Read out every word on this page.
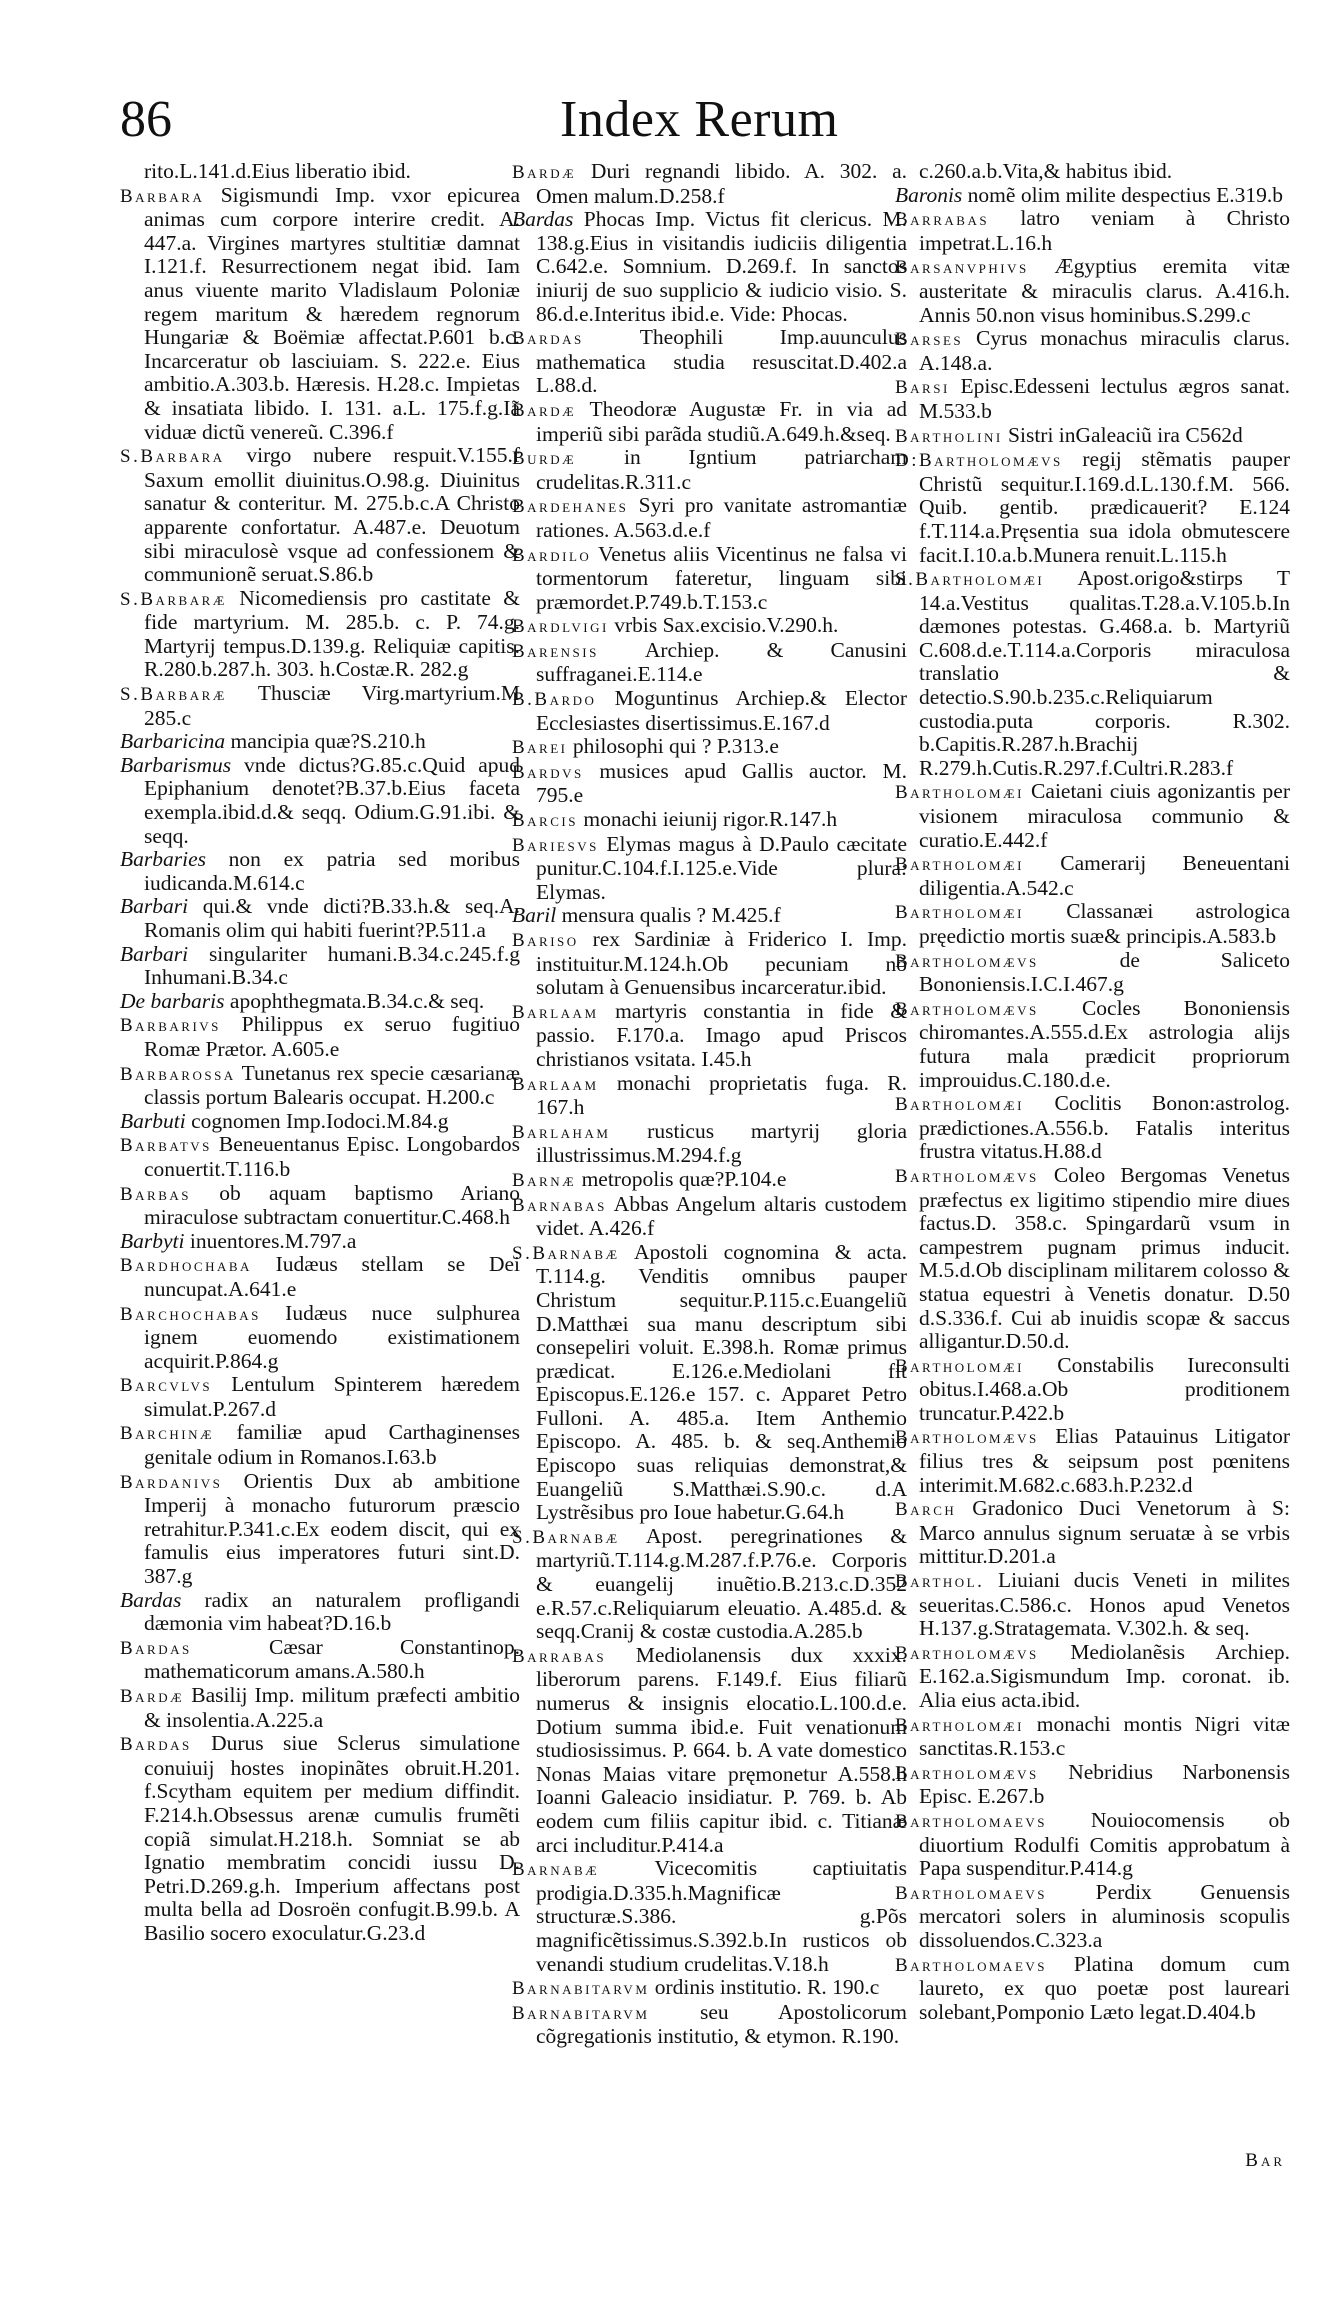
86	Index Rerum

rito.L.141.d.Eius liberatio ibid.

Barbara Sigismundi Imp. vxor epicurea animas cum corpore interire credit. A. 447.a. Virgines martyres stultitiæ damnat I.121.f. Resurrectionem negat ibid. Iam anus viuente marito Vladislaum Poloniæ regem maritum & hæredem regnorum Hungariæ & Boëmiæ affectat.P.601 b.c. Incarceratur ob lasciuiam. S. 222.e. Eius ambitio.A.303.b. Hæresis. H.28.c. Impietas & insatiata libido. I. 131. a.L. 175.f.g.Iã viduæ dictũ venereũ. C.396.f

S.Barbara virgo nubere respuit.V.155.f Saxum emollit diuinitus.O.98.g. Diuinitus sanatur & conteritur. M. 275.b.c.A Christo apparente confortatur. A.487.e. Deuotum sibi miraculosè vsque ad confessionem & communionẽ seruat.S.86.b

S.Barbaræ Nicomediensis pro castitate & fide martyrium. M. 285.b. c. P. 74.g. Martyrij tempus.D.139.g. Reliquiæ capitis. R.280.b.287.h. 303. h.Costæ.R. 282.g

S.Barbaræ Thusciæ Virg.martyrium.M 285.c

Barbaricina mancipia quæ?S.210.h

Barbarismus vnde dictus?G.85.c.Quid apud Epiphanium denotet?B.37.b.Eius faceta exempla.ibid.d.& seqq. Odium.G.91.ibi. & seqq.

Barbaries non ex patria sed moribus iudicanda.M.614.c

Barbari qui.& vnde dicti?B.33.h.& seq.A. Romanis olim qui habiti fuerint?P.511.a

Barbari singulariter humani.B.34.c.245.f.g Inhumani.B.34.c

De barbaris apophthegmata.B.34.c.& seq.

Barbarivs Philippus ex seruo fugitiuo Romæ Prætor. A.605.e

Barbarossa Tunetanus rex specie cæsarianæ classis portum Balearis occupat. H.200.c

Barbuti cognomen Imp.Iodoci.M.84.g

Barbatvs Beneuentanus Episc. Longobardos conuertit.T.116.b

Barbas ob aquam baptismo Ariano miraculose subtractam conuertitur.C.468.h

Barbyti inuentores.M.797.a

Bardhochaba Iudæus stellam se Dei nuncupat.A.641.e

Barchochabas Iudæus nuce sulphurea ignem euomendo existimationem acquirit.P.864.g

Barcvlvs Lentulum Spinterem hæredem simulat.P.267.d

Barchinæ familiæ apud Carthaginenses genitale odium in Romanos.I.63.b

Bardanivs Orientis Dux ab ambitione Imperij à monacho futurorum præscio retrahitur.P.341.c.Ex eodem discit, qui ex famulis eius imperatores futuri sint.D. 387.g

Bardas radix an naturalem profligandi dæmonia vim habeat?D.16.b

Bardas Cæsar Constantinop. mathematicorum amans.A.580.h

Bardæ Basilij Imp. militum præfecti ambitio & insolentia.A.225.a

Bardas Durus siue Sclerus simulatione conuiuij hostes inopinãtes obruit.H.201. f.Scytham equitem per medium diffindit. F.214.h.Obsessus arenæ cumulis frumẽti copiã simulat.H.218.h. Somniat se ab Ignatio membratim concidi iussu D. Petri.D.269.g.h. Imperium affectans post multa bella ad Dosroën confugit.B.99.b. A Basilio socero exoculatur.G.23.d

Bardæ Duri regnandi libido. A. 302. a. Omen malum.D.258.f

Bardas Phocas Imp. Victus fit clericus. M. 138.g.Eius in visitandis iudiciis diligentia C.642.e. Somnium. D.269.f. In sanctos iniurij de suo supplicio & iudicio visio. S. 86.d.e.Interitus ibid.e. Vide: Phocas.

Bardas Theophili Imp.auunculus mathematica studia resuscitat.D.402.a L.88.d.

Bardæ Theodoræ Augustæ Fr. in via ad imperiũ sibi parãda studiũ.A.649.h.&seq.

Burdæ in Igntium patriarcham crudelitas.R.311.c

Bardehanes Syri pro vanitate astromantiæ rationes. A.563.d.e.f

Bardilo Venetus aliis Vicentinus ne falsa vi tormentorum fateretur, linguam sibi præmordet.P.749.b.T.153.c

Bardlvigi vrbis Sax.excisio.V.290.h.

Barensis Archiep. & Canusini suffraganei.E.114.e

B.Bardo Moguntinus Archiep.& Elector Ecclesiastes disertissimus.E.167.d

Barei philosophi qui ? P.313.e

Bardvs musices apud Gallis auctor. M. 795.e

Barcis monachi ieiunij rigor.R.147.h

Bariesvs Elymas magus à D.Paulo cæcitate punitur.C.104.f.I.125.e.Vide plura: Elymas.

Baril mensura qualis ? M.425.f

Bariso rex Sardiniæ à Friderico I. Imp. instituitur.M.124.h.Ob pecuniam nõ solutam à Genuensibus incarceratur.ibid.

Barlaam martyris constantia in fide & passio. F.170.a. Imago apud Priscos christianos vsitata. I.45.h

Barlaam monachi proprietatis fuga. R. 167.h

Barlaham rusticus martyrij gloria illustrissimus.M.294.f.g

Barnæ metropolis quæ?P.104.e

Barnabas Abbas Angelum altaris custodem videt. A.426.f

S.Barnabæ Apostoli cognomina & acta. T.114.g. Venditis omnibus pauper Christum sequitur.P.115.c.Euangeliũ D.Matthæi sua manu descriptum sibi consepeliri voluit. E.398.h. Romæ primus prædicat. E.126.e.Mediolani fit Episcopus.E.126.e 157. c. Apparet Petro Fulloni. A. 485.a. Item Anthemio Episcopo. A. 485. b. & seq.Anthemio Episcopo suas reliquias demonstrat,& Euangeliũ S.Matthæi.S.90.c. d.A Lystrẽsibus pro Ioue habetur.G.64.h

S.Barnabæ Apost. peregrinationes & martyriũ.T.114.g.M.287.f.P.76.e. Corporis & euangelij inuẽtio.B.213.c.D.352 e.R.57.c.Reliquiarum eleuatio. A.485.d. & seqq.Cranij & costæ custodia.A.285.b

Barrabas Mediolanensis dux xxxix. liberorum parens. F.149.f. Eius filiarũ numerus & insignis elocatio.L.100.d.e. Dotium summa ibid.e. Fuit venationum studiosissimus. P. 664. b. A vate domestico Nonas Maias vitare pręmonetur A.558.h Ioanni Galeacio insidiatur. P. 769. b. Ab eodem cum filiis capitur ibid. c. Titianæ arci includitur.P.414.a

Barnabæ Vicecomitis captiuitatis prodigia.D.335.h.Magnificæ structuræ.S.386. g.Põs magnificẽtissimus.S.392.b.In rusticos ob venandi studium crudelitas.V.18.h

Barnabitarvm ordinis institutio. R. 190.c

Barnabitarvm seu Apostolicorum cõgregationis institutio, & etymon. R.190.

c.260.a.b.Vita,& habitus ibid.

Baronis nomẽ olim milite despectius E.319.b

Barrabas latro veniam à Christo impetrat.L.16.h

Barsanvphivs Ægyptius eremita vitæ austeritate & miraculis clarus. A.416.h. Annis 50.non visus hominibus.S.299.c

Barses Cyrus monachus miraculis clarus. A.148.a.

Barsi Episc.Edesseni lectulus ægros sanat. M.533.b

Bartholini Sistri inGaleaciũ ira C562d

D:Bartholomævs regij stẽmatis pauper Christũ sequitur.I.169.d.L.130.f.M. 566. Quib. gentib. prædicauerit? E.124 f.T.114.a.Pręsentia sua idola obmutescere facit.I.10.a.b.Munera renuit.L.115.h

S.Bartholomæi Apost.origo&stirps T 14.a.Vestitus qualitas.T.28.a.V.105.b.In dæmones potestas. G.468.a. b. Martyriũ C.608.d.e.T.114.a.Corporis miraculosa translatio & detectio.S.90.b.235.c.Reliquiarum custodia.puta corporis. R.302. b.Capitis.R.287.h.Brachij R.279.h.Cutis.R.297.f.Cultri.R.283.f

Bartholomæi Caietani ciuis agonizantis per visionem miraculosa communio & curatio.E.442.f

Bartholomæi Camerarij Beneuentani diligentia.A.542.c

Bartholomæi Classanæi astrologica pręedictio mortis suæ& principis.A.583.b

Bartholomævs de Saliceto Bononiensis.I.C.I.467.g

Bartholomævs Cocles Bononiensis chiromantes.A.555.d.Ex astrologia alijs futura mala prædicit propriorum improuidus.C.180.d.e.

Bartholomæi Coclitis Bonon:astrolog. prædictiones.A.556.b. Fatalis interitus frustra vitatus.H.88.d

Bartholomævs Coleo Bergomas Venetus præfectus ex ligitimo stipendio mire diues factus.D. 358.c. Spingardarũ vsum in campestrem pugnam primus inducit. M.5.d.Ob disciplinam militarem colosso & statua equestri à Venetis donatur. D.50 d.S.336.f. Cui ab inuidis scopæ & saccus alligantur.D.50.d.

Bartholomæi Constabilis Iureconsulti obitus.I.468.a.Ob proditionem truncatur.P.422.b

Bartholomævs Elias Patauinus Litigator filius tres & seipsum post pœnitens interimit.M.682.c.683.h.P.232.d

Barch Gradonico Duci Venetorum à S: Marco annulus signum seruatæ à se vrbis mittitur.D.201.a

Barthol. Liuiani ducis Veneti in milites seueritas.C.586.c. Honos apud Venetos H.137.g.Stratagemata. V.302.h. & seq.

Bartholomævs Mediolanẽsis Archiep. E.162.a.Sigismundum Imp. coronat. ib. Alia eius acta.ibid.

Bartholomæi monachi montis Nigri vitæ sanctitas.R.153.c

Bartholomævs Nebridius Narbonensis Episc. E.267.b

Bartholomaevs Nouiocomensis ob diuortium Rodulfi Comitis approbatum à Papa suspenditur.P.414.g

Bartholomaevs Perdix Genuensis mercatori solers in aluminosis scopulis dissoluendos.C.323.a

Bartholomaevs Platina domum cum laureto, ex quo poetæ post laureari solebant,Pomponio Læto legat.D.404.b

Bar
